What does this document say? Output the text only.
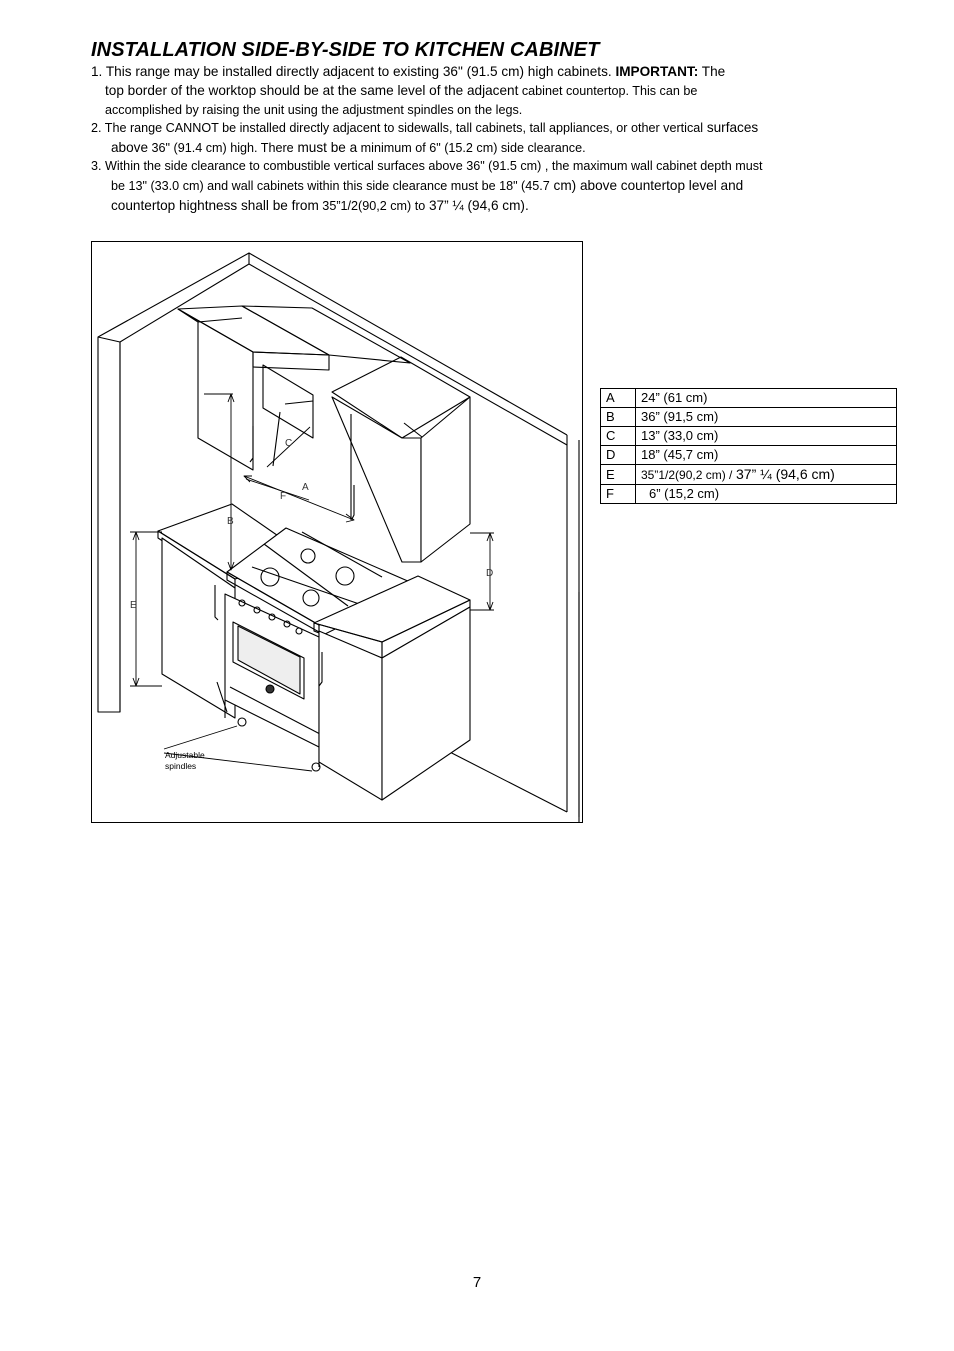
INSTALLATION SIDE-BY-SIDE TO KITCHEN CABINET
1. This range may be installed directly adjacent to existing 36" (91.5 cm) high cabinets. IMPORTANT: The
top border of the worktop should be at the same level of the adjacent cabinet countertop. This can be
accomplished by raising the unit using the adjustment spindles on the legs.
2. The range CANNOT be installed directly adjacent to sidewalls, tall cabinets, tall appliances, or other vertical surfaces
above 36" (91.4 cm) high. There must be a minimum of 6" (15.2 cm) side clearance.
3. Within the side clearance to combustible vertical surfaces above 36" (91.5 cm) , the maximum wall cabinet depth must
be 13" (33.0 cm) and wall cabinets within this side clearance must be 18" (45.7 cm) above countertop level and
countertop hightness shall be from 35”1/2(90,2 cm) to 37” ¼ (94,6 cm).
A
B
C
D
E
F
Adjustable
spindles
A	24” (61 cm)
B	36” (91,5 cm)
C	13” (33,0 cm)
D	18” (45,7 cm)
E	35”1/2(90,2 cm) / 37” ¼ (94,6 cm)
F	6” (15,2 cm)
7
